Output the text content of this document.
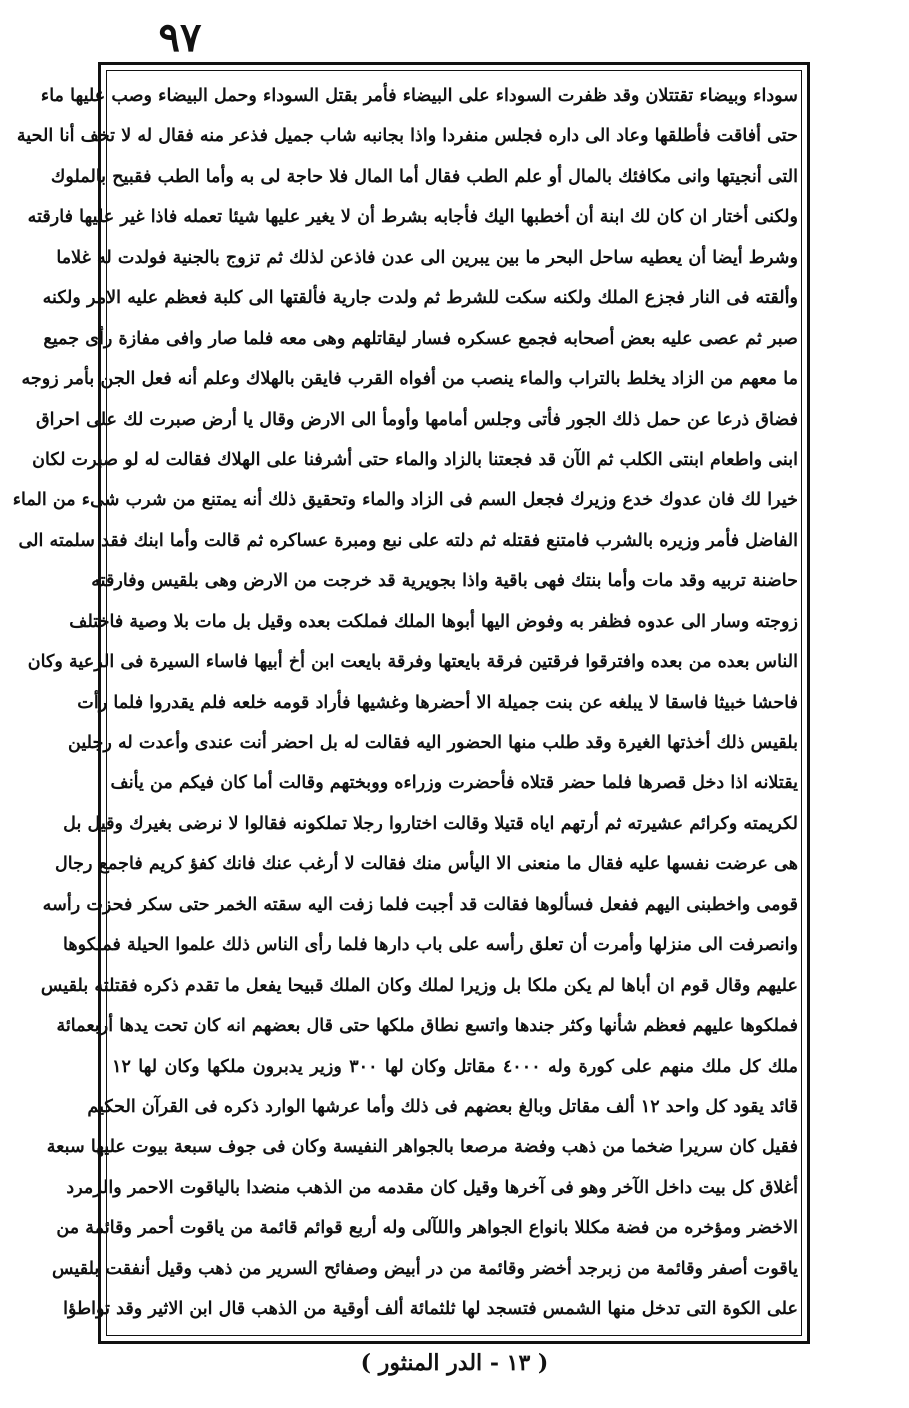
٩٧
سوداء وبيضاء تقتتلان وقد ظفرت السوداء على البيضاء فأمر بقتل السوداء وحمل البيضاء وصب عليها ماء
حتى أفاقت فأطلقها وعاد الى داره فجلس منفردا واذا بجانبه شاب جميل فذعر منه فقال له لا تخف أنا الحية
التى أنجيتها وانى مكافئك بالمال أو علم الطب فقال أما المال فلا حاجة لى به وأما الطب فقبيح بالملوك
ولكنى أختار ان كان لك ابنة أن أخطبها اليك فأجابه بشرط أن لا يغير عليها شيئا تعمله فاذا غير عليها فارقته
وشرط أيضا أن يعطيه ساحل البحر ما بين يبرين الى عدن فاذعن لذلك ثم تزوج بالجنية فولدت له غلاما
وألقته فى النار فجزع الملك ولكنه سكت للشرط ثم ولدت جارية فألقتها الى كلبة فعظم عليه الامر ولكنه
صبر ثم عصى عليه بعض أصحابه فجمع عسكره فسار ليقاتلهم وهى معه فلما صار وافى مفازة رأى جميع
ما معهم من الزاد يخلط بالتراب والماء ينصب من أفواه القرب فايقن بالهلاك وعلم أنه فعل الجن بأمر زوجه
فضاق ذرعا عن حمل ذلك الجور فأتى وجلس أمامها وأومأ الى الارض وقال يا أرض صبرت لك على احراق
ابنى واطعام ابنتى الكلب ثم الآن قد فجعتنا بالزاد والماء حتى أشرفنا على الهلاك فقالت له لو صبرت لكان
خيرا لك فان عدوك خدع وزيرك فجعل السم فى الزاد والماء وتحقيق ذلك أنه يمتنع من شرب شىء من الماء
الفاضل فأمر وزيره بالشرب فامتنع فقتله ثم دلته على نبع ومبرة عساكره ثم قالت وأما ابنك فقد سلمته الى
حاضنة تربيه وقد مات وأما بنتك فهى باقية واذا بجويرية قد خرجت من الارض وهى بلقيس وفارقته
زوجته وسار الى عدوه فظفر به وفوض اليها أبوها الملك فملكت بعده وقيل بل مات بلا وصية فاختلف
الناس بعده من بعده وافترقوا فرقتين فرقة بايعتها وفرقة بايعت ابن أخ أبيها فاساء السيرة فى الرعية وكان
فاحشا خبيثا فاسقا لا يبلغه عن بنت جميلة الا أحضرها وغشيها فأراد قومه خلعه فلم يقدروا فلما رأت
بلقيس ذلك أخذتها الغيرة وقد طلب منها الحضور اليه فقالت له بل احضر أنت عندى وأعدت له رجلين
يقتلانه اذا دخل قصرها فلما حضر قتلاه فأحضرت وزراءه ووبختهم وقالت أما كان فيكم من يأنف
لكريمته وكرائم عشيرته ثم أرتهم اياه قتيلا وقالت اختاروا رجلا تملكونه فقالوا لا نرضى بغيرك وقيل بل
هى عرضت نفسها عليه فقال ما منعنى الا اليأس منك فقالت لا أرغب عنك فانك كفؤ كريم فاجمع رجال
قومى واخطبنى اليهم ففعل فسألوها فقالت قد أجبت فلما زفت اليه سقته الخمر حتى سكر فحزت رأسه
وانصرفت الى منزلها وأمرت أن تعلق رأسه على باب دارها فلما رأى الناس ذلك علموا الحيلة فملكوها
عليهم وقال قوم ان أباها لم يكن ملكا بل وزيرا لملك وكان الملك قبيحا يفعل ما تقدم ذكره فقتلته بلقيس
فملكوها عليهم فعظم شأنها وكثر جندها واتسع نطاق ملكها حتى قال بعضهم انه كان تحت يدها أربعمائة
ملك كل ملك منهم على كورة وله ٤٠٠٠ مقاتل وكان لها ٣٠٠ وزير يدبرون ملكها وكان لها ١٢
قائد يقود كل واحد ١٢ ألف مقاتل وبالغ بعضهم فى ذلك وأما عرشها الوارد ذكره فى القرآن الحكيم
فقيل كان سريرا ضخما من ذهب وفضة مرصعا بالجواهر النفيسة وكان فى جوف سبعة بيوت عليها سبعة
أغلاق كل بيت داخل الآخر وهو فى آخرها وقيل كان مقدمه من الذهب منضدا بالياقوت الاحمر والزمرد
الاخضر ومؤخره من فضة مكللا بانواع الجواهر واللآلى وله أربع قوائم قائمة من ياقوت أحمر وقائمة من
ياقوت أصفر وقائمة من زبرجد أخضر وقائمة من در أبيض وصفائح السرير من ذهب وقيل أنفقت بلقيس
على الكوة التى تدخل منها الشمس فتسجد لها ثلثمائة ألف أوقية من الذهب قال ابن الاثير وقد تواطؤا
( ١٣ - الدر المنثور )
